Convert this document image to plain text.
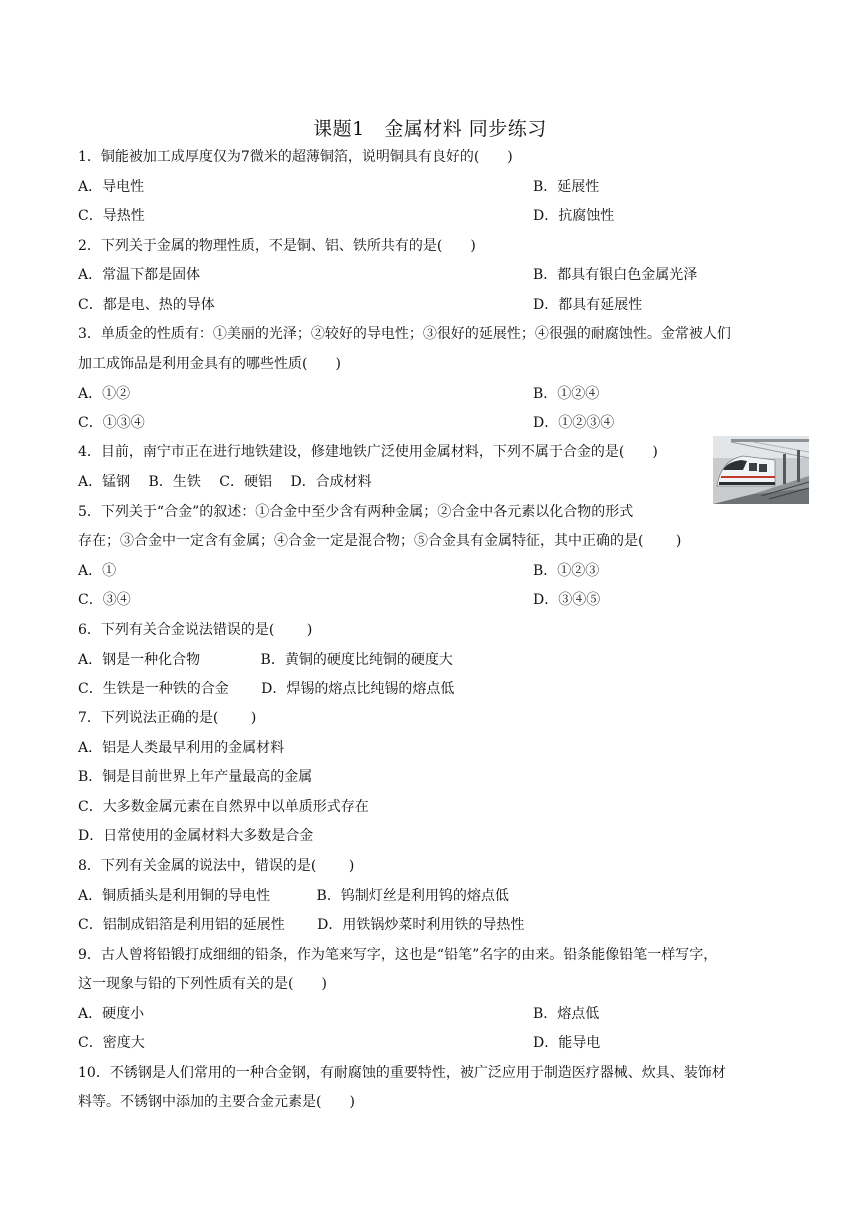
课题1　金属材料 同步练习
1．铜能被加工成厚度仅为7微米的超薄铜箔，说明铜具有良好的(　　)
A．导电性	B．延展性
C．导热性	D．抗腐蚀性
2．下列关于金属的物理性质，不是铜、铝、铁所共有的是(　　)
A．常温下都是固体	B．都具有银白色金属光泽
C．都是电、热的导体	D．都具有延展性
3．单质金的性质有：①美丽的光泽；②较好的导电性；③很好的延展性；④很强的耐腐蚀性。金常被人们
加工成饰品是利用金具有的哪些性质(　　)
A．①②	B．①②④
C．①③④	D．①②③④
4．目前，南宁市正在进行地铁建设，修建地铁广泛使用金属材料，下列不属于合金的是(　　)
A．锰钢　 B．生铁　 C．硬铝　 D．合成材料
5．下列关于“合金”的叙述：①合金中至少含有两种金属；②合金中各元素以化合物的形式
存在；③合金中一定含有金属；④合金一定是混合物；⑤合金具有金属特征，其中正确的是(　　 )
A．①	B．①②③
C．③④	D．③④⑤
6．下列有关合金说法错误的是(　　 )
A．钢是一种化合物　　　　 B．黄铜的硬度比纯铜的硬度大
C．生铁是一种铁的合金　　 D．焊锡的熔点比纯锡的熔点低
7．下列说法正确的是(　　 )
A．铝是人类最早利用的金属材料
B．铜是目前世界上年产量最高的金属
C．大多数金属元素在自然界中以单质形式存在
D．日常使用的金属材料大多数是合金
8．下列有关金属的说法中，错误的是(　　 )
A．铜质插头是利用铜的导电性　　　 B．钨制灯丝是利用钨的熔点低
C．铝制成铝箔是利用铝的延展性　　 D．用铁锅炒菜时利用铁的导热性
9．古人曾将铅锻打成细细的铅条，作为笔来写字，这也是“铅笔”名字的由来。铅条能像铅笔一样写字，
这一现象与铅的下列性质有关的是(　　)
A．硬度小	B．熔点低
C．密度大	D．能导电
10．不锈钢是人们常用的一种合金钢，有耐腐蚀的重要特性，被广泛应用于制造医疗器械、炊具、装饰材
料等。不锈钢中添加的主要合金元素是(　　)
